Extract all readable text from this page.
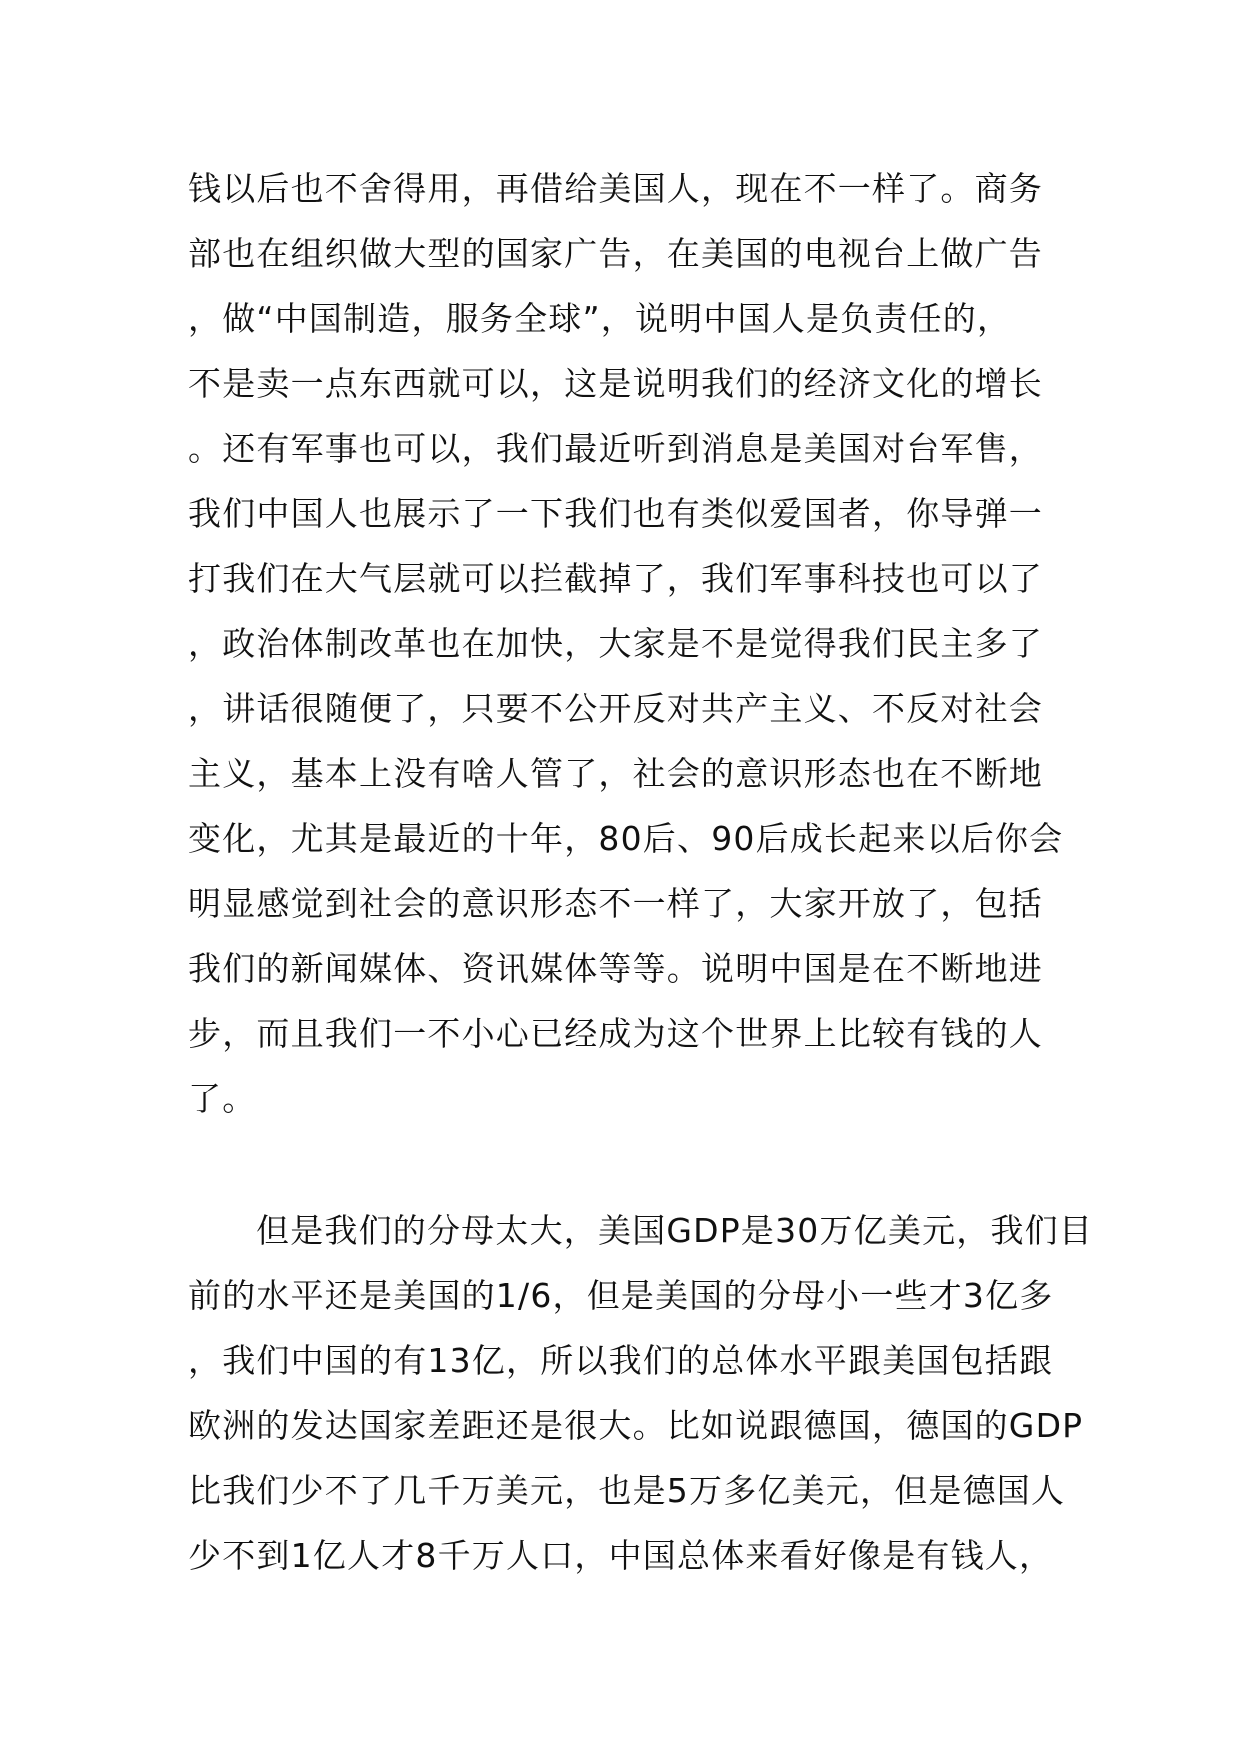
钱以后也不舍得用，再借给美国人，现在不一样了。商务
部也在组织做大型的国家广告，在美国的电视台上做广告
，做“中国制造，服务全球”，说明中国人是负责任的，
不是卖一点东西就可以，这是说明我们的经济文化的增长
。还有军事也可以，我们最近听到消息是美国对台军售，
我们中国人也展示了一下我们也有类似爱国者，你导弹一
打我们在大气层就可以拦截掉了，我们军事科技也可以了
，政治体制改革也在加快，大家是不是觉得我们民主多了
，讲话很随便了，只要不公开反对共产主义、不反对社会
主义，基本上没有啥人管了，社会的意识形态也在不断地
变化，尤其是最近的十年，80后、90后成长起来以后你会
明显感觉到社会的意识形态不一样了，大家开放了，包括
我们的新闻媒体、资讯媒体等等。说明中国是在不断地进
步，而且我们一不小心已经成为这个世界上比较有钱的人
了。
但是我们的分母太大，美国GDP是30万亿美元，我们目
前的水平还是美国的1/6，但是美国的分母小一些才3亿多
，我们中国的有13亿，所以我们的总体水平跟美国包括跟
欧洲的发达国家差距还是很大。比如说跟德国，德国的GDP
比我们少不了几千万美元，也是5万多亿美元，但是德国人
少不到1亿人才8千万人口，中国总体来看好像是有钱人，
